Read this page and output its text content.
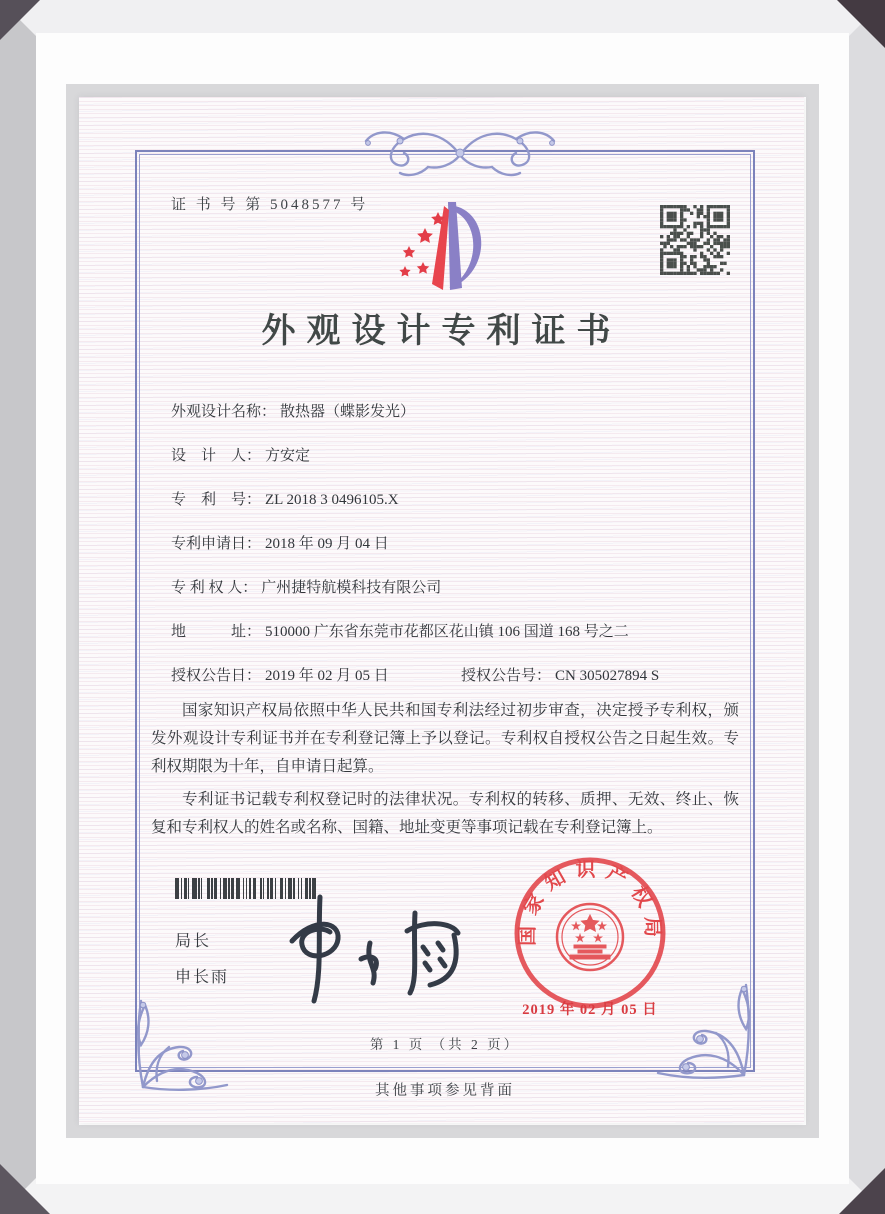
证 书 号 第 5048577 号
外观设计专利证书
外观设计名称： 散热器（蝶影发光）
设　计　人： 方安定
专　利　号： ZL 2018 3 0496105.X
专利申请日： 2018 年 09 月 04 日
专 利 权 人： 广州捷特航模科技有限公司
地　　　址： 510000 广东省东莞市花都区花山镇 106 国道 168 号之二
授权公告日： 2019 年 02 月 05 日	授权公告号： CN 305027894 S
国家知识产权局依照中华人民共和国专利法经过初步审查，决定授予专利权，颁发外观设计专利证书并在专利登记簿上予以登记。专利权自授权公告之日起生效。专利权期限为十年，自申请日起算。
专利证书记载专利权登记时的法律状况。专利权的转移、质押、无效、终止、恢复和专利权人的姓名或名称、国籍、地址变更等事项记载在专利登记簿上。
局长
申长雨
国家知识产权局
★ ★
★ ★
2019 年 02 月 05 日
第 1 页 （共 2 页）
其他事项参见背面
